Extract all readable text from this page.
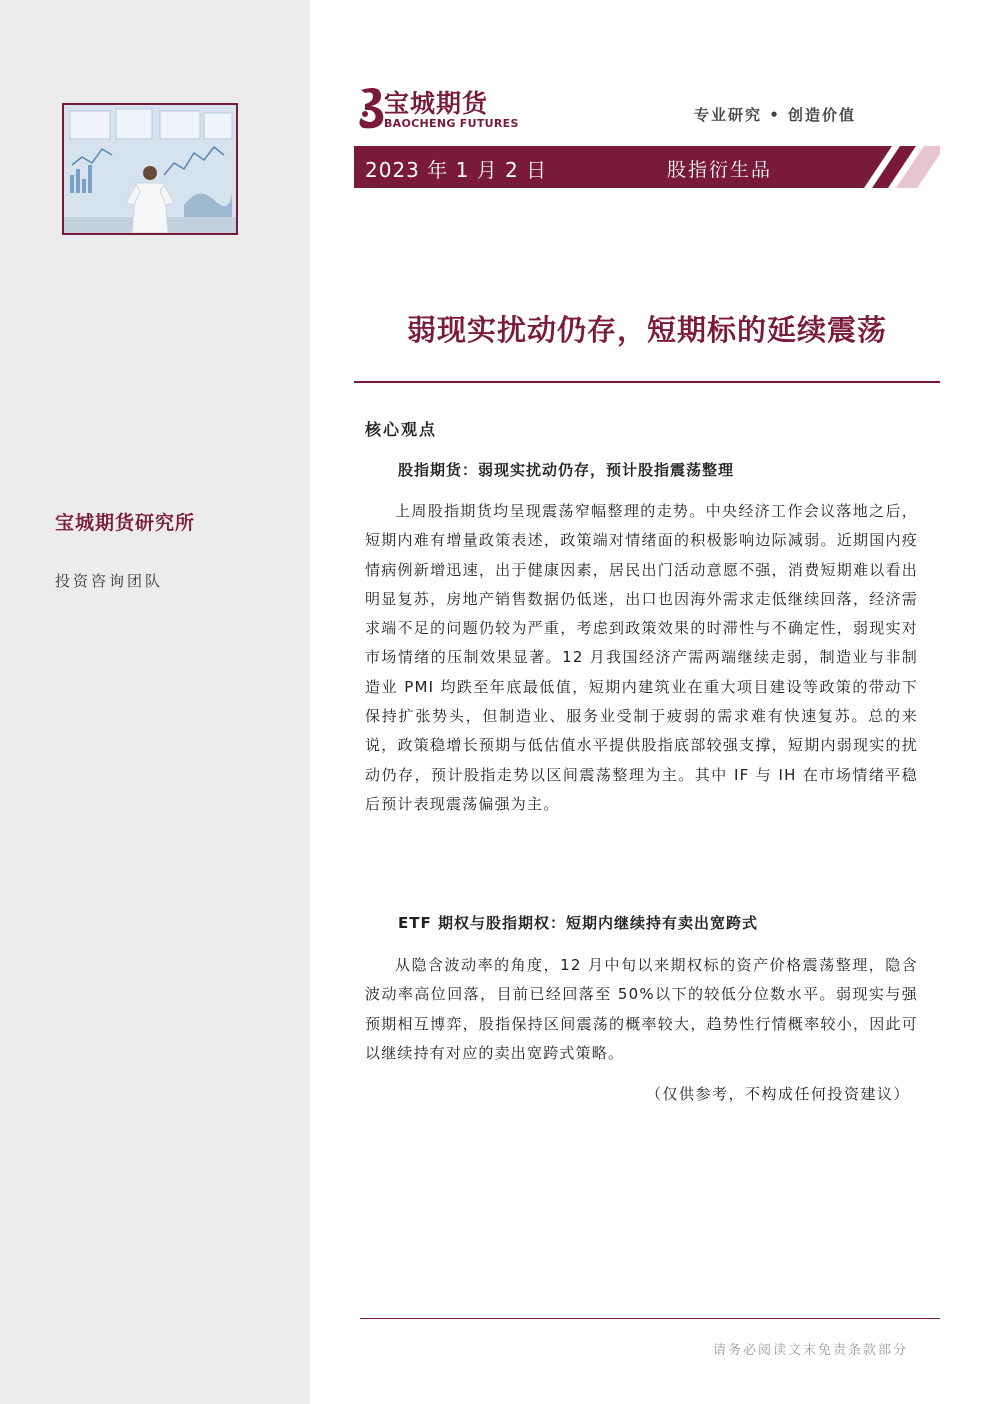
宝城期货研究所
投资咨询团队
宝城期货
BAOCHENG FUTURES	专业研究 • 创造价值
2023 年 1 月 2 日	股指衍生品
弱现实扰动仍存，短期标的延续震荡
核心观点
股指期货：弱现实扰动仍存，预计股指震荡整理

上周股指期货均呈现震荡窄幅整理的走势。中央经济工作会议落地之后，短期内难有增量政策表述，政策端对情绪面的积极影响边际减弱。近期国内疫情病例新增迅速，出于健康因素，居民出门活动意愿不强，消费短期难以看出明显复苏，房地产销售数据仍低迷，出口也因海外需求走低继续回落，经济需求端不足的问题仍较为严重，考虑到政策效果的时滞性与不确定性，弱现实对市场情绪的压制效果显著。12 月我国经济产需两端继续走弱，制造业与非制造业 PMI 均跌至年底最低值，短期内建筑业在重大项目建设等政策的带动下保持扩张势头，但制造业、服务业受制于疲弱的需求难有快速复苏。总的来说，政策稳增长预期与低估值水平提供股指底部较强支撑，短期内弱现实的扰动仍存，预计股指走势以区间震荡整理为主。其中 IF 与 IH 在市场情绪平稳后预计表现震荡偏强为主。

ETF 期权与股指期权：短期内继续持有卖出宽跨式

从隐含波动率的角度，12 月中旬以来期权标的资产价格震荡整理，隐含波动率高位回落，目前已经回落至 50%以下的较低分位数水平。弱现实与强预期相互博弈，股指保持区间震荡的概率较大，趋势性行情概率较小，因此可以继续持有对应的卖出宽跨式策略。

（仅供参考，不构成任何投资建议）
请务必阅读文末免责条款部分
